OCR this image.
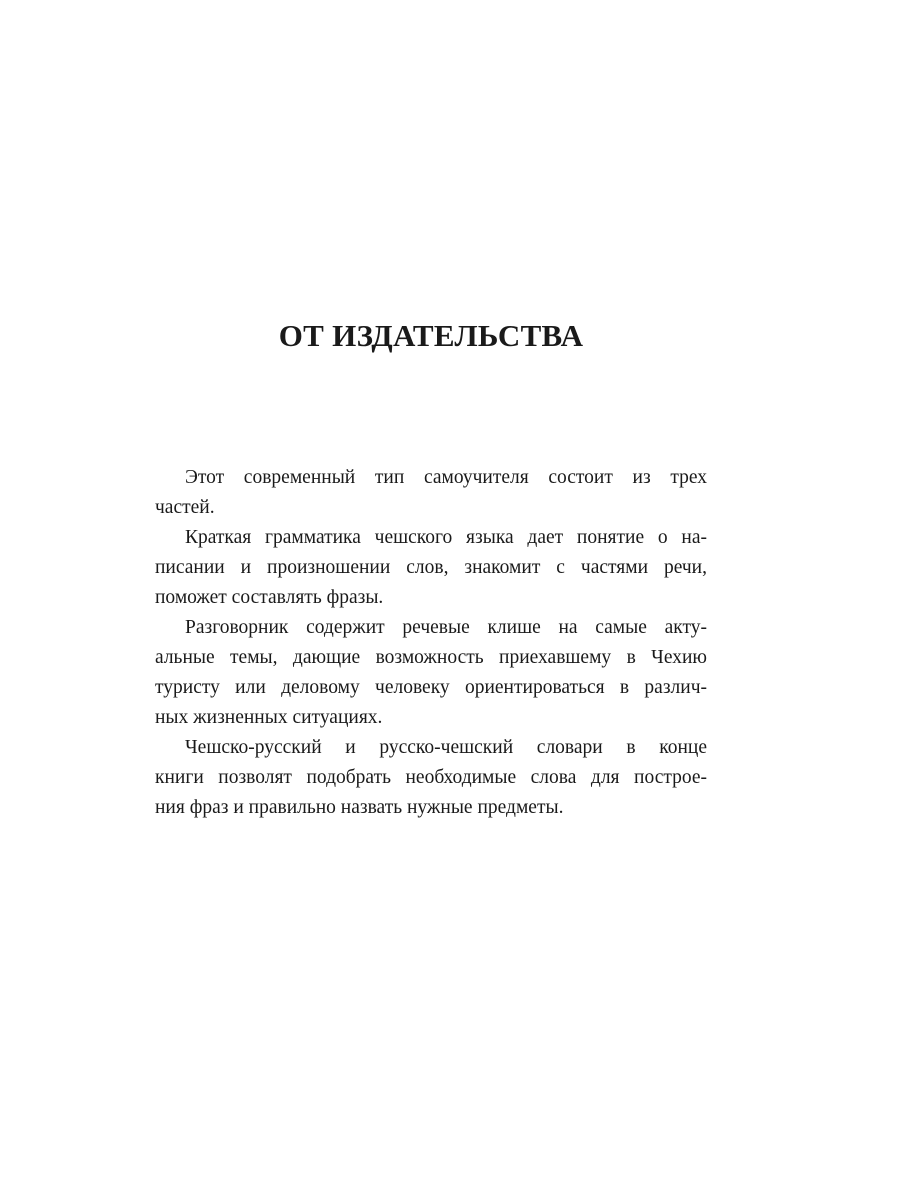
ОТ ИЗДАТЕЛЬСТВА
Этот современный тип самоучителя состоит из трех
частей.
Краткая грамматика чешского языка дает понятие о на-
писании и произношении слов, знакомит с частями речи,
поможет составлять фразы.
Разговорник содержит речевые клише на самые акту-
альные темы, дающие возможность приехавшему в Чехию
туристу или деловому человеку ориентироваться в различ-
ных жизненных ситуациях.
Чешско-русский и русско-чешский словари в конце
книги позволят подобрать необходимые слова для построе-
ния фраз и правильно назвать нужные предметы.
